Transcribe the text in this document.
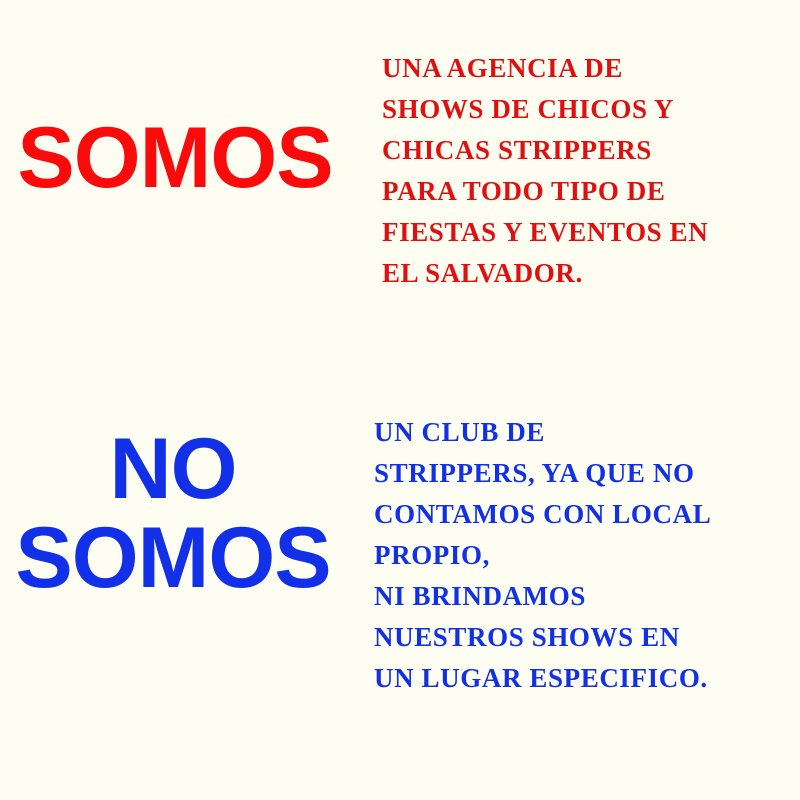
SOMOS
UNA AGENCIA DE
SHOWS DE CHICOS Y
CHICAS STRIPPERS
PARA TODO TIPO DE
FIESTAS Y EVENTOS EN
EL SALVADOR.
NO
SOMOS
UN CLUB DE
STRIPPERS, YA QUE NO
CONTAMOS CON LOCAL
PROPIO,
NI BRINDAMOS
NUESTROS SHOWS EN
UN LUGAR ESPECIFICO.
